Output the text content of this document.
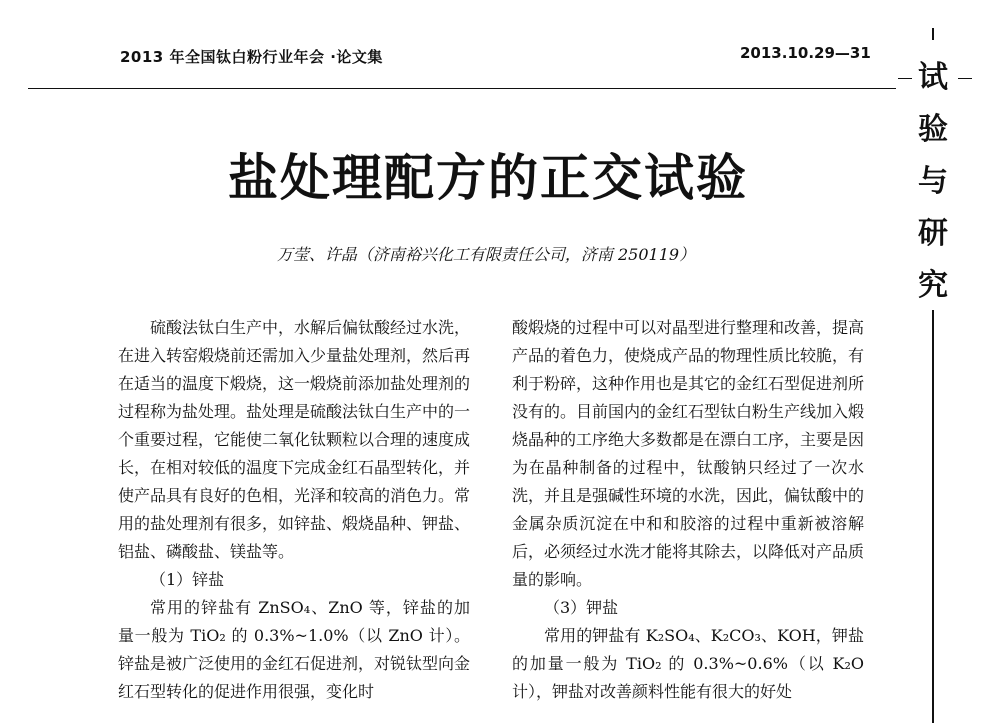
2013 年全国钛白粉行业年会 ·论文集	2013.10.29—31
试
验
与
研
究
盐处理配方的正交试验
万莹、许晶（济南裕兴化工有限责任公司，济南 250119）

硫酸法钛白生产中，水解后偏钛酸经过水洗，在进入转窑煅烧前还需加入少量盐处理剂，然后再在适当的温度下煅烧，这一煅烧前添加盐处理剂的过程称为盐处理。盐处理是硫酸法钛白生产中的一个重要过程，它能使二氧化钛颗粒以合理的速度成长，在相对较低的温度下完成金红石晶型转化，并使产品具有良好的色相，光泽和较高的消色力。常用的盐处理剂有很多，如锌盐、煅烧晶种、钾盐、铝盐、磷酸盐、镁盐等。

（1）锌盐

常用的锌盐有 ZnSO₄、ZnO 等，锌盐的加量一般为 TiO₂ 的 0.3%~1.0%（以 ZnO 计）。锌盐是被广泛使用的金红石促进剂，对锐钛型向金红石型转化的促进作用很强，变化时

酸煅烧的过程中可以对晶型进行整理和改善，提高产品的着色力，使烧成产品的物理性质比较脆，有利于粉碎，这种作用也是其它的金红石型促进剂所没有的。目前国内的金红石型钛白粉生产线加入煅烧晶种的工序绝大多数都是在漂白工序，主要是因为在晶种制备的过程中，钛酸钠只经过了一次水洗，并且是强碱性环境的水洗，因此，偏钛酸中的金属杂质沉淀在中和和胶溶的过程中重新被溶解后，必须经过水洗才能将其除去，以降低对产品质量的影响。

（3）钾盐

常用的钾盐有 K₂SO₄、K₂CO₃、KOH，钾盐的加量一般为 TiO₂ 的 0.3%~0.6%（以 K₂O 计），钾盐对改善颜料性能有很大的好处
